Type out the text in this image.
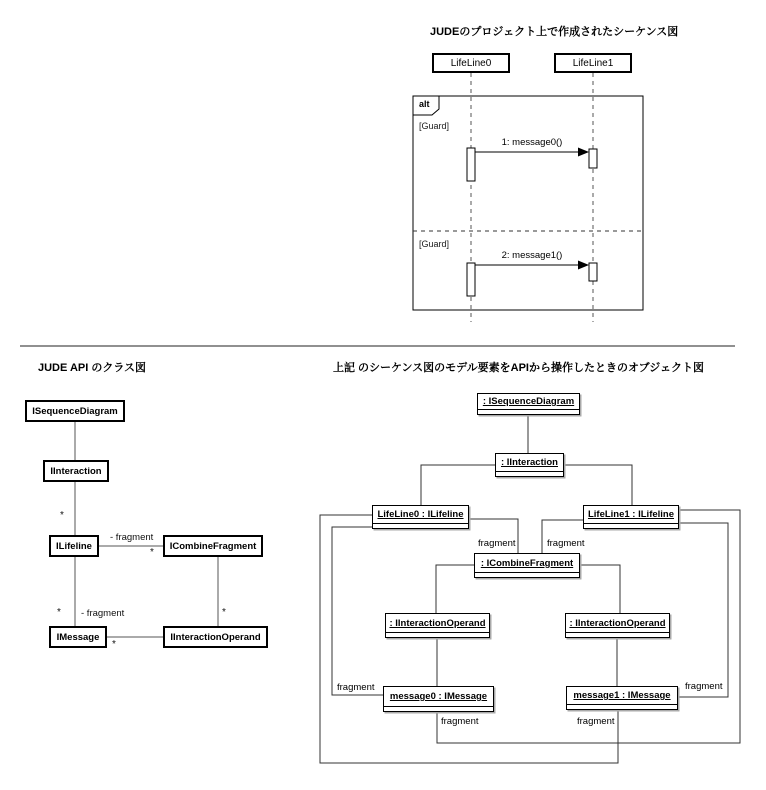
JUDEのプロジェクト上で作成されたシーケンス図
LifeLine0	LifeLine1
alt
[Guard]
[Guard]
1: message0()
2: message1()
JUDE API のクラス図
ISequenceDiagram
IInteraction
ILifeline	ICombineFragment
IMessage	IInteractionOperand
*
- fragment
*
* - fragment
*
*
上記 のシーケンス図のモデル要素をAPIから操作したときのオブジェクト図
: ISequenceDiagram
: IInteraction
LifeLine0 : ILifeline	LifeLine1 : ILifeline
: ICombineFragment
: IInteractionOperand	: IInteractionOperand
message0 : IMessage	message1 : IMessage
fragment	fragment
fragment
fragment	fragment
fragment
